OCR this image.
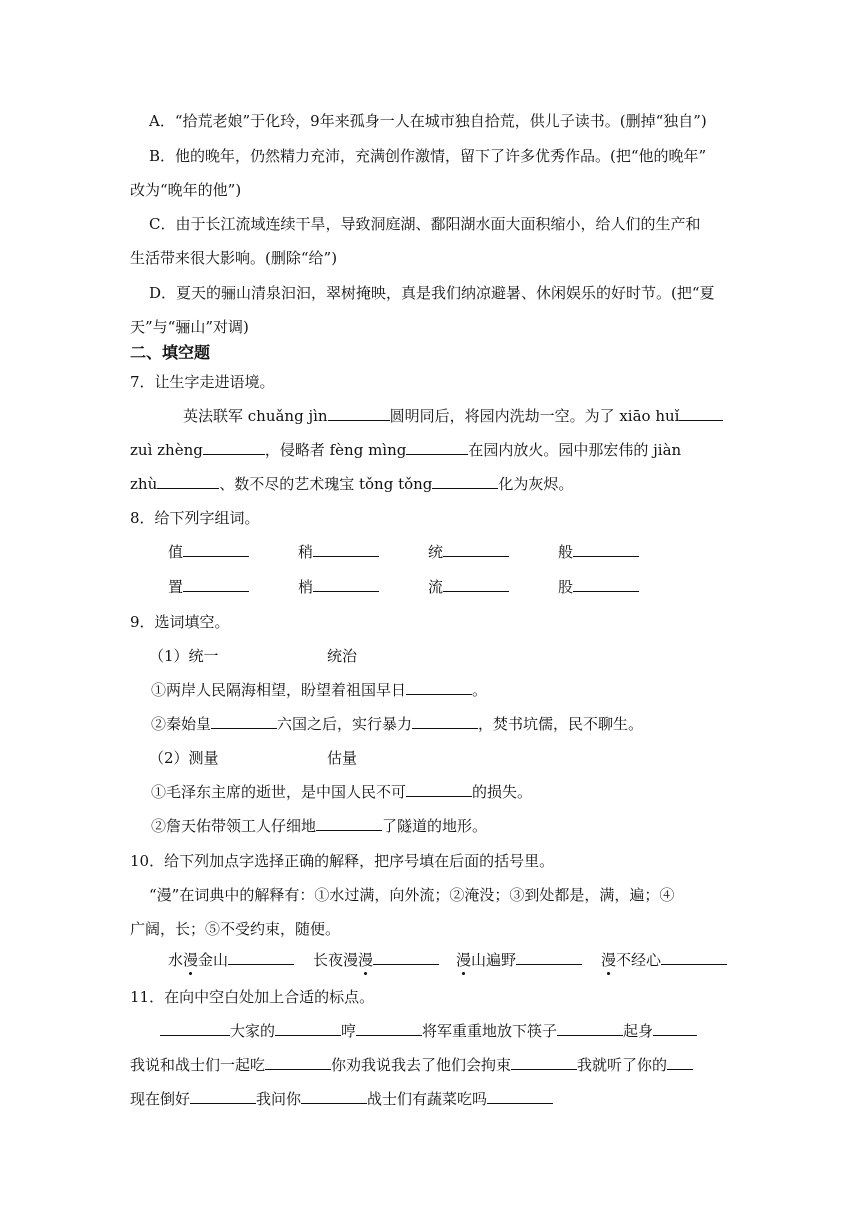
A．“拾荒老娘”于化玲，9年来孤身一人在城市独自拾荒，供儿子读书。(删掉“独自”)
B．他的晚年，仍然精力充沛，充满创作激情，留下了许多优秀作品。(把“他的晚年”
改为“晚年的他”)
C．由于长江流域连续干旱，导致洞庭湖、鄱阳湖水面大面积缩小，给人们的生产和
生活带来很大影响。(删除“给”)
D．夏天的骊山清泉汩汩，翠树掩映，真是我们纳凉避暑、休闲娱乐的好时节。(把“夏
天”与“骊山”对调)
二、填空题
7．让生字走进语境。
英法联军 chuǎng jìn	圆明同后，将园内洗劫一空。为了 xiāo huǐ
zuì zhèng	，侵略者 fèng mìng	在园内放火。园中那宏伟的 jiàn
zhù	、数不尽的艺术瑰宝 tǒng tǒng	化为灰烬。
8．给下列字组词。
值	稍	统	般
置	梢	流	股
9．选词填空。
（1）统一	统治
①两岸人民隔海相望，盼望着祖国早日	。
②秦始皇	六国之后，实行暴力	，焚书坑儒，民不聊生。
（2）测量	估量
①毛泽东主席的逝世，是中国人民不可	的损失。
②詹天佑带领工人仔细地	了隧道的地形。
10．给下列加点字选择正确的解释，把序号填在后面的括号里。
“漫”在词典中的解释有：①水过满，向外流；②淹没；③到处都是，满，遍；④
广阔，长；⑤不受约束，随便。
水漫金山	长夜漫漫	漫山遍野	漫不经心
11．在向中空白处加上合适的标点。
大家的	哼	将军重重地放下筷子	起身
我说和战士们一起吃	你劝我说我去了他们会拘束	我就听了你的
现在倒好	我问你	战士们有蔬菜吃吗
